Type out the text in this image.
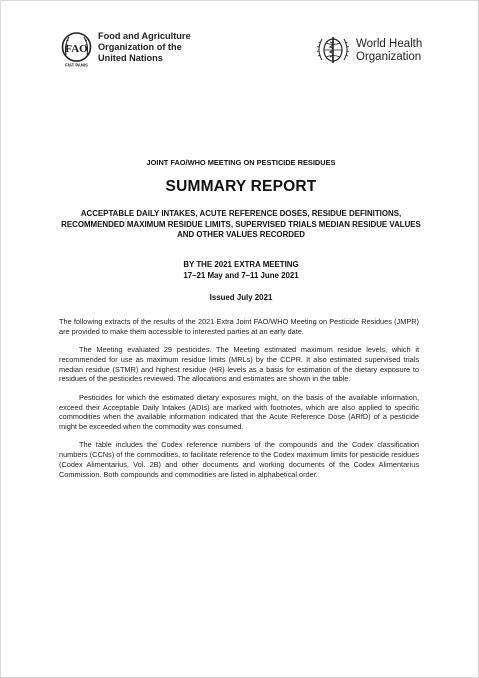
FAO
FIAT PANIS
Food and Agriculture
Organization of the
United Nations
World Health
Organization
JOINT FAO/WHO MEETING ON PESTICIDE RESIDUES
SUMMARY REPORT
ACCEPTABLE DAILY INTAKES, ACUTE REFERENCE DOSES, RESIDUE DEFINITIONS,
RECOMMENDED MAXIMUM RESIDUE LIMITS, SUPERVISED TRIALS MEDIAN RESIDUE VALUES
AND OTHER VALUES RECORDED
BY THE 2021 EXTRA MEETING
17–21 May and 7–11 June 2021
Issued July 2021

The following extracts of the results of the 2021 Extra Joint FAO/WHO Meeting on Pesticide Residues (JMPR) are provided to make them accessible to interested parties at an early date.

The Meeting evaluated 29 pesticides. The Meeting estimated maximum residue levels, which it recommended for use as maximum residue limits (MRLs) by the CCPR. It also estimated supervised trials median residue (STMR) and highest residue (HR) levels as a basis for estimation of the dietary exposure to residues of the pesticides reviewed. The allocations and estimates are shown in the table.

Pesticides for which the estimated dietary exposures might, on the basis of the available information, exceed their Acceptable Daily Intakes (ADIs) are marked with footnotes, which are also applied to specific commodities when the available information indicated that the Acute Reference Dose (ARfD) of a pesticide might be exceeded when the commodity was consumed.

The table includes the Codex reference numbers of the compounds and the Codex classification numbers (CCNs) of the commodities, to facilitate reference to the Codex maximum limits for pesticide residues (Codex Alimentarius, Vol. 2B) and other documents and working documents of the Codex Alimentarius Commission. Both compounds and commodities are listed in alphabetical order.
